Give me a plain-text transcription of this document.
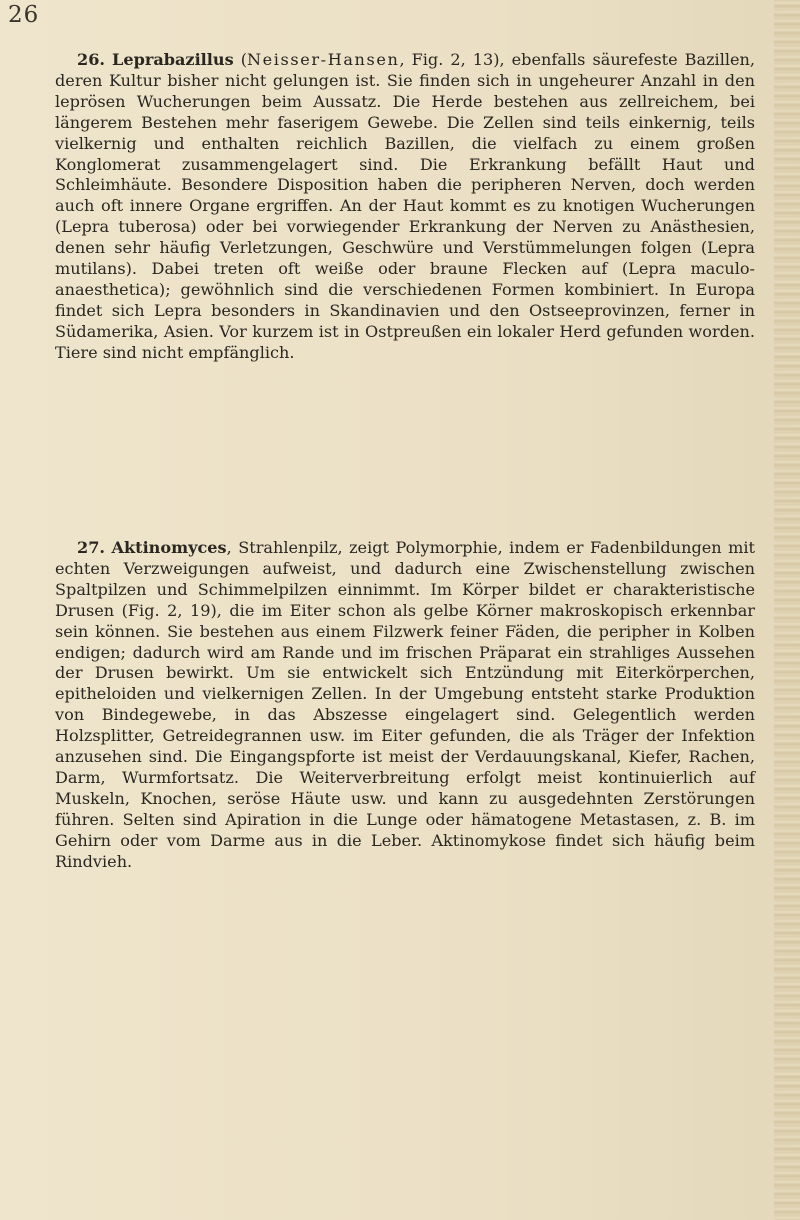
26

26. Leprabazillus (Neisser-Hansen, Fig. 2, 13), ebenfalls säurefeste Bazillen, deren Kultur bisher nicht gelungen ist. Sie finden sich in ungeheurer Anzahl in den leprösen Wucherungen beim Aussatz. Die Herde bestehen aus zellreichem, bei längerem Bestehen mehr faserigem Gewebe. Die Zellen sind teils einkernig, teils vielkernig und enthalten reichlich Bazillen, die vielfach zu einem großen Konglomerat zusammengelagert sind. Die Erkrankung befällt Haut und Schleimhäute. Besondere Disposition haben die peripheren Nerven, doch werden auch oft innere Organe ergriffen. An der Haut kommt es zu knotigen Wucherungen (Lepra tuberosa) oder bei vorwiegender Erkrankung der Nerven zu Anästhesien, denen sehr häufig Verletzungen, Geschwüre und Verstümmelungen folgen (Lepra mutilans). Dabei treten oft weiße oder braune Flecken auf (Lepra maculo-anaesthetica); gewöhnlich sind die verschiedenen Formen kombiniert. In Europa findet sich Lepra besonders in Skandinavien und den Ostseeprovinzen, ferner in Südamerika, Asien. Vor kurzem ist in Ostpreußen ein lokaler Herd gefunden worden. Tiere sind nicht empfänglich.

27. Aktinomyces, Strahlenpilz, zeigt Polymorphie, indem er Fadenbildungen mit echten Verzweigungen aufweist, und dadurch eine Zwischenstellung zwischen Spaltpilzen und Schimmelpilzen einnimmt. Im Körper bildet er charakteristische Drusen (Fig. 2, 19), die im Eiter schon als gelbe Körner makroskopisch erkennbar sein können. Sie bestehen aus einem Filzwerk feiner Fäden, die peripher in Kolben endigen; dadurch wird am Rande und im frischen Präparat ein strahliges Aussehen der Drusen bewirkt. Um sie entwickelt sich Entzündung mit Eiterkörperchen, epitheloiden und vielkernigen Zellen. In der Umgebung entsteht starke Produktion von Bindegewebe, in das Abszesse eingelagert sind. Gelegentlich werden Holzsplitter, Getreidegrannen usw. im Eiter gefunden, die als Träger der Infektion anzusehen sind. Die Eingangspforte ist meist der Verdauungskanal, Kiefer, Rachen, Darm, Wurmfortsatz. Die Weiterverbreitung erfolgt meist kontinuierlich auf Muskeln, Knochen, seröse Häute usw. und kann zu ausgedehnten Zerstörungen führen. Selten sind Apiration in die Lunge oder hämatogene Metastasen, z. B. im Gehirn oder vom Darme aus in die Leber. Aktinomykose findet sich häufig beim Rindvieh.
